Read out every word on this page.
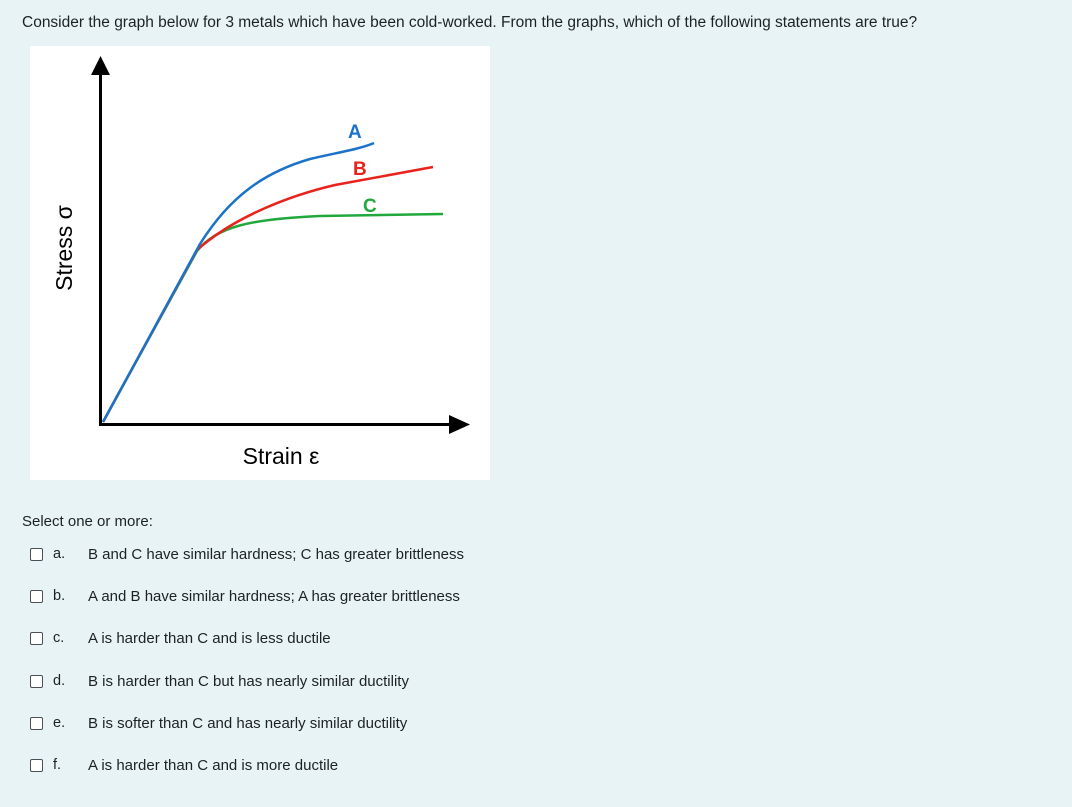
Consider the graph below for 3 metals which have been cold-worked. From the graphs, which of the following statements are true?
A
B
C
Stress σ
Strain ε
Select one or more:
a.	B and C have similar hardness; C has greater brittleness
b.	A and B have similar hardness; A has greater brittleness
c.	A is harder than C and is less ductile
d.	B is harder than C but has nearly similar ductility
e.	B is softer than C and has nearly similar ductility
f.	A is harder than C and is more ductile
